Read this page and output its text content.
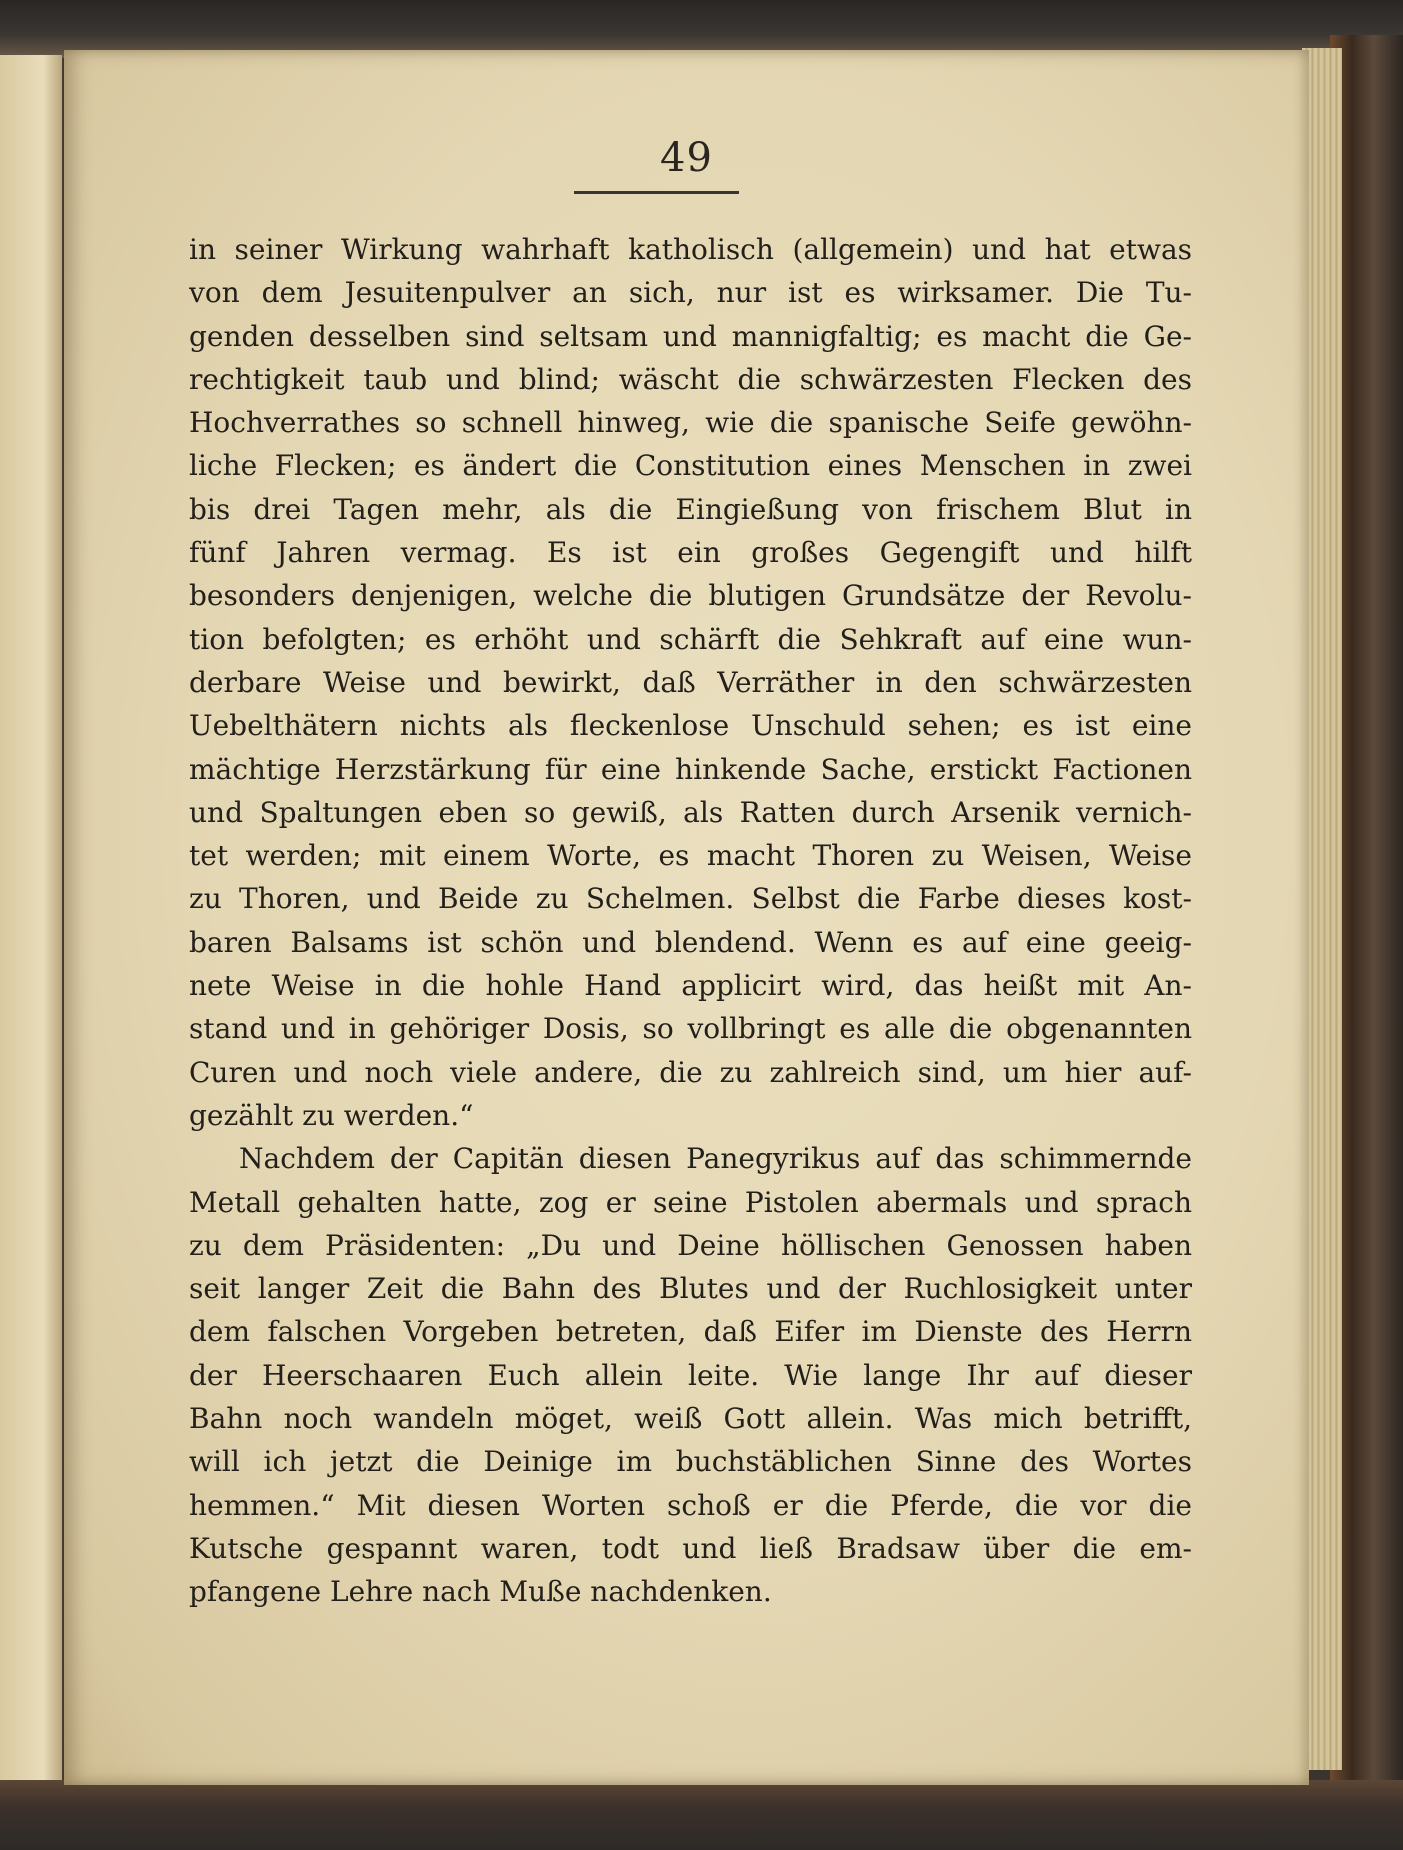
49
in seiner Wirkung wahrhaft katholisch (allgemein) und hat etwas
von dem Jesuitenpulver an sich, nur ist es wirksamer. Die Tu-
genden desselben sind seltsam und mannigfaltig; es macht die Ge-
rechtigkeit taub und blind; wäscht die schwärzesten Flecken des
Hochverrathes so schnell hinweg, wie die spanische Seife gewöhn-
liche Flecken; es ändert die Constitution eines Menschen in zwei
bis drei Tagen mehr, als die Eingießung von frischem Blut in
fünf Jahren vermag. Es ist ein großes Gegengift und hilft
besonders denjenigen, welche die blutigen Grundsätze der Revolu-
tion befolgten; es erhöht und schärft die Sehkraft auf eine wun-
derbare Weise und bewirkt, daß Verräther in den schwärzesten
Uebelthätern nichts als fleckenlose Unschuld sehen; es ist eine
mächtige Herzstärkung für eine hinkende Sache, erstickt Factionen
und Spaltungen eben so gewiß, als Ratten durch Arsenik vernich-
tet werden; mit einem Worte, es macht Thoren zu Weisen, Weise
zu Thoren, und Beide zu Schelmen. Selbst die Farbe dieses kost-
baren Balsams ist schön und blendend. Wenn es auf eine geeig-
nete Weise in die hohle Hand applicirt wird, das heißt mit An-
stand und in gehöriger Dosis, so vollbringt es alle die obgenannten
Curen und noch viele andere, die zu zahlreich sind, um hier auf-
gezählt zu werden.“
Nachdem der Capitän diesen Panegyrikus auf das schimmernde
Metall gehalten hatte, zog er seine Pistolen abermals und sprach
zu dem Präsidenten: „Du und Deine höllischen Genossen haben
seit langer Zeit die Bahn des Blutes und der Ruchlosigkeit unter
dem falschen Vorgeben betreten, daß Eifer im Dienste des Herrn
der Heerschaaren Euch allein leite. Wie lange Ihr auf dieser
Bahn noch wandeln möget, weiß Gott allein. Was mich betrifft,
will ich jetzt die Deinige im buchstäblichen Sinne des Wortes
hemmen.“ Mit diesen Worten schoß er die Pferde, die vor die
Kutsche gespannt waren, todt und ließ Bradsaw über die em-
pfangene Lehre nach Muße nachdenken.
